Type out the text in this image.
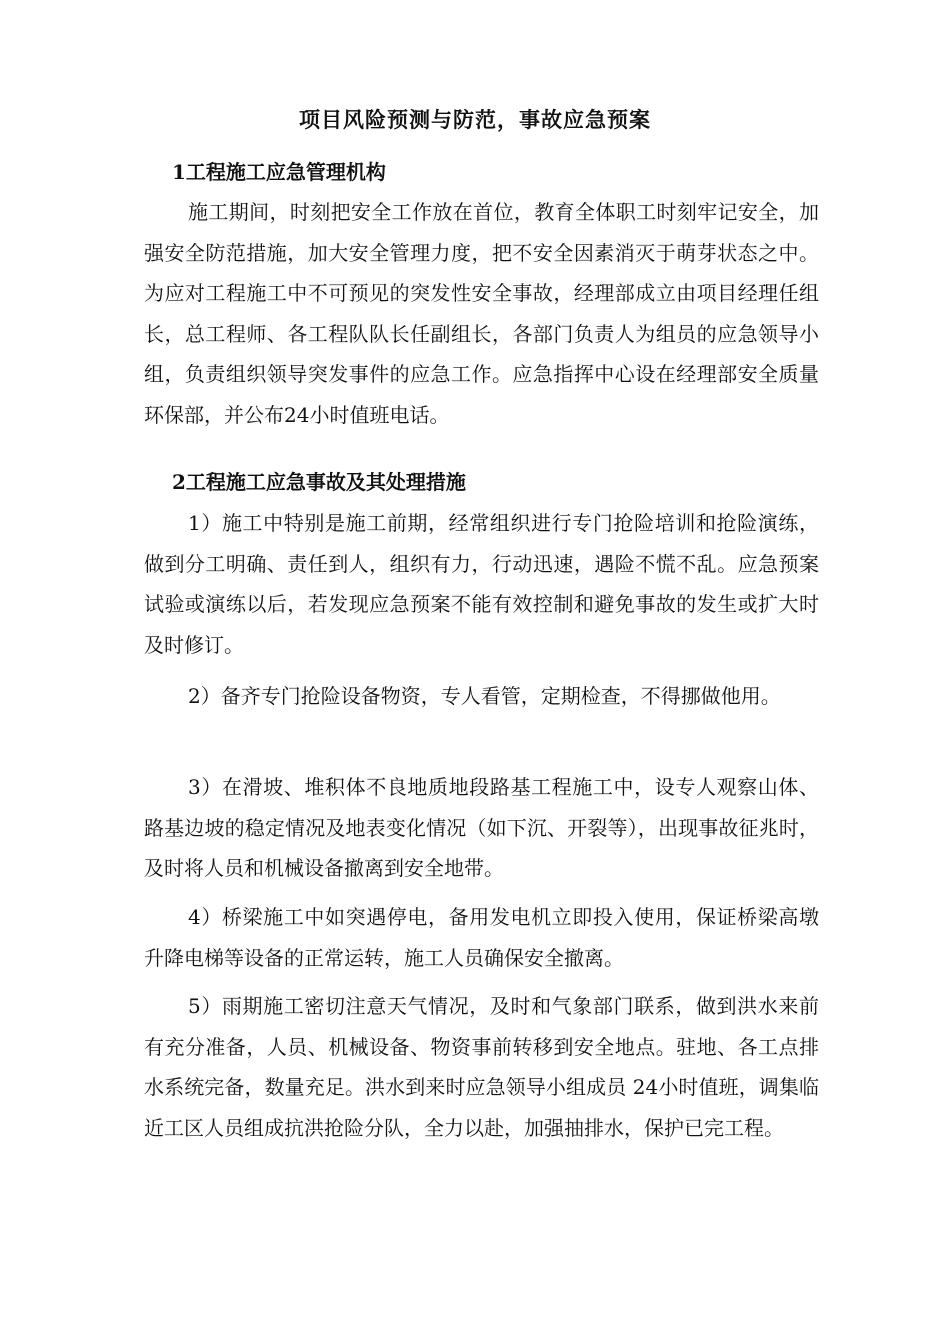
项目风险预测与防范，事故应急预案
1工程施工应急管理机构
施工期间，时刻把安全工作放在首位，教育全体职工时刻牢记安全，加强安全防范措施，加大安全管理力度，把不安全因素消灭于萌芽状态之中。为应对工程施工中不可预见的突发性安全事故，经理部成立由项目经理任组长，总工程师、各工程队队长任副组长，各部门负责人为组员的应急领导小组，负责组织领导突发事件的应急工作。应急指挥中心设在经理部安全质量环保部，并公布24小时值班电话。
2工程施工应急事故及其处理措施
1）施工中特别是施工前期，经常组织进行专门抢险培训和抢险演练，做到分工明确、责任到人，组织有力，行动迅速，遇险不慌不乱。应急预案试验或演练以后，若发现应急预案不能有效控制和避免事故的发生或扩大时及时修订。
2）备齐专门抢险设备物资，专人看管，定期检查，不得挪做他用。
3）在滑坡、堆积体不良地质地段路基工程施工中，设专人观察山体、路基边坡的稳定情况及地表变化情况（如下沉、开裂等），出现事故征兆时，及时将人员和机械设备撤离到安全地带。
4）桥梁施工中如突遇停电，备用发电机立即投入使用，保证桥梁高墩升降电梯等设备的正常运转，施工人员确保安全撤离。
5）雨期施工密切注意天气情况，及时和气象部门联系，做到洪水来前有充分准备，人员、机械设备、物资事前转移到安全地点。驻地、各工点排水系统完备，数量充足。洪水到来时应急领导小组成员 24小时值班，调集临近工区人员组成抗洪抢险分队，全力以赴，加强抽排水，保护已完工程。
